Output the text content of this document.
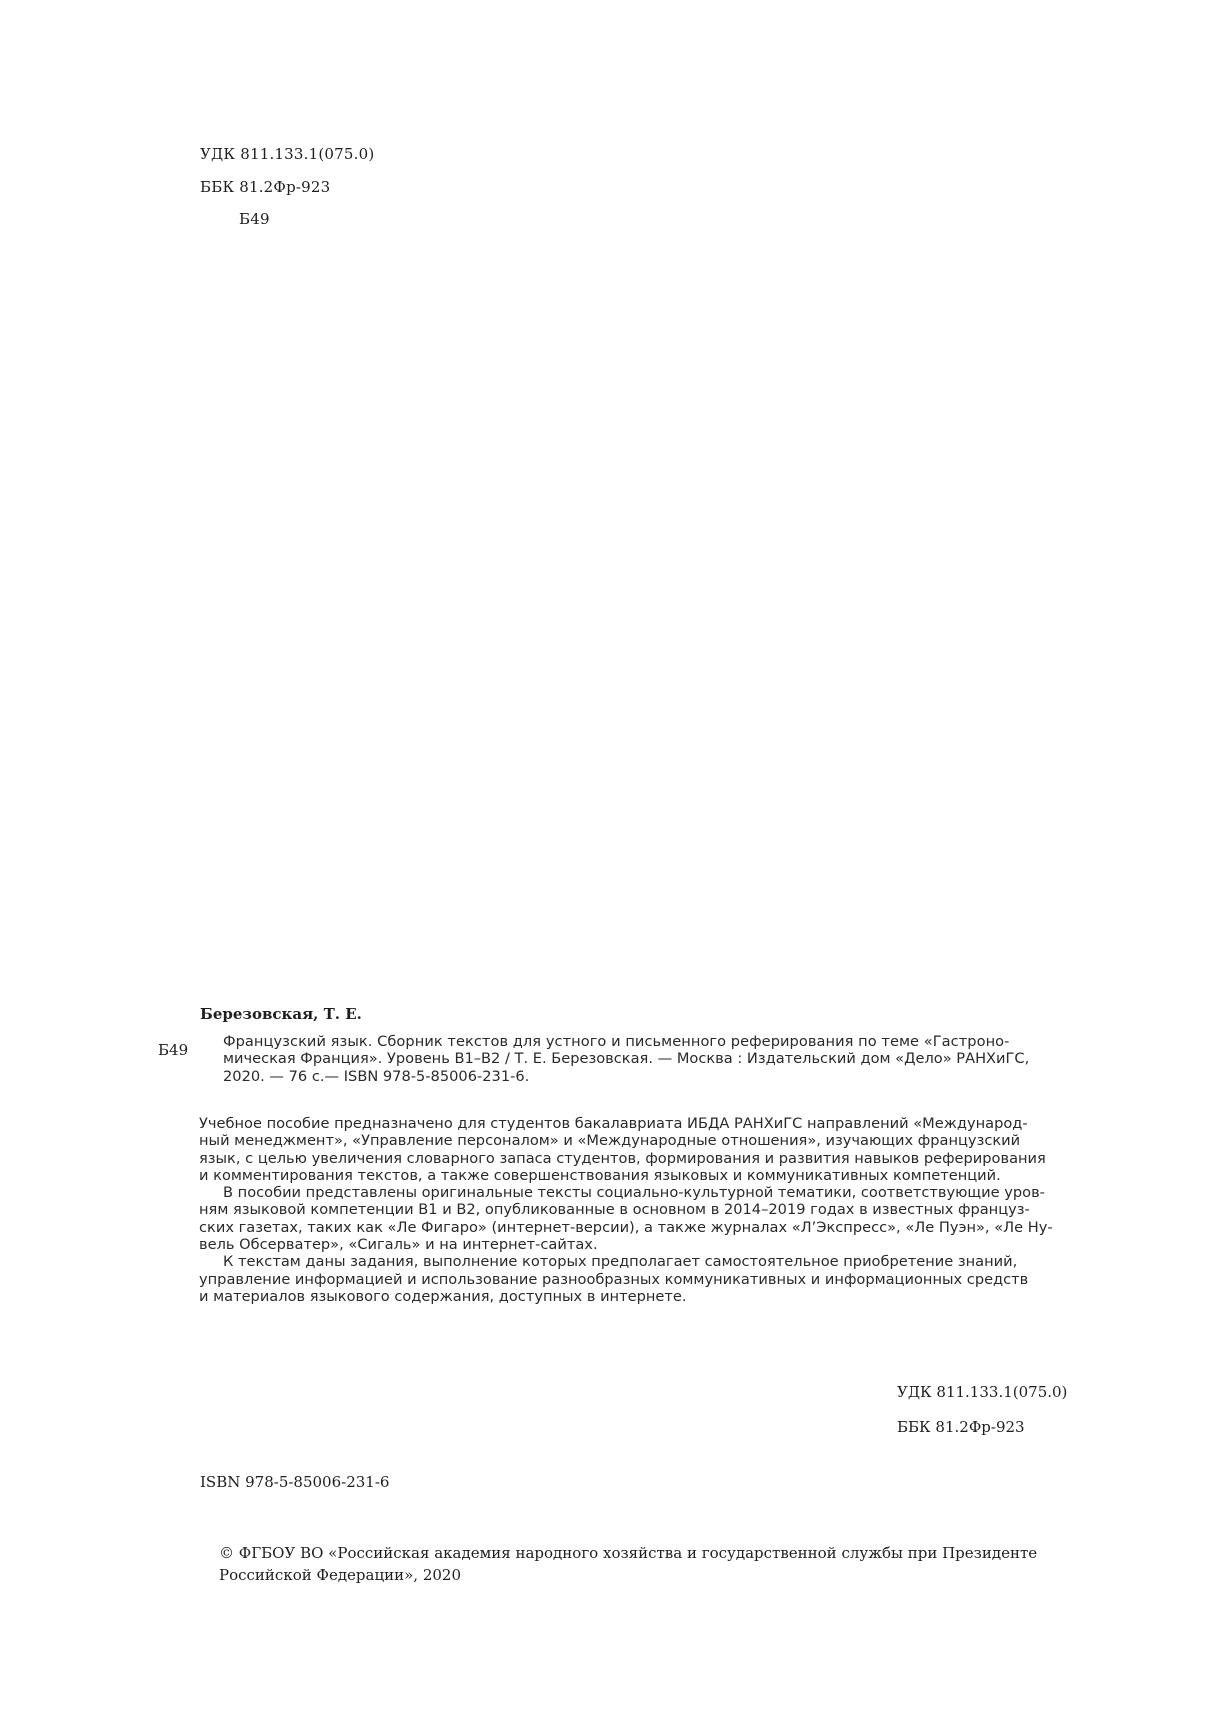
УДК 811.133.1(075.0)
ББК 81.2Фр-923
Б49
Березовская, Т. Е.
Б49 Французский язык. Сборник текстов для устного и письменного реферирования по теме «Гастроно-
мическая Франция». Уровень В1–В2 / Т. Е. Березовская. — Москва : Издательский дом «Дело» РАНХиГС,
2020. — 76 с.— ISBN 978-5-85006-231-6.
Учебное пособие предназначено для студентов бакалавриата ИБДА РАНХиГС направлений «Международ-
ный менеджмент», «Управление персоналом» и «Международные отношения», изучающих французский
язык, с целью увеличения словарного запаса студентов, формирования и развития навыков реферирования
и комментирования текстов, а также совершенствования языковых и коммуникативных компетенций.
В пособии представлены оригинальные тексты социально-культурной тематики, соответствующие уров-
ням языковой компетенции В1 и В2, опубликованные в основном в 2014–2019 годах в известных француз-
ских газетах, таких как «Ле Фигаро» (интернет-версии), а также журналах «Л’Экспресс», «Ле Пуэн», «Ле Ну-
вель Обсерватер», «Сигаль» и на интернет-сайтах.
К текстам даны задания, выполнение которых предполагает самостоятельное приобретение знаний,
управление информацией и использование разнообразных коммуникативных и информационных средств
и материалов языкового содержания, доступных в интернете.
УДК 811.133.1(075.0)
ББК 81.2Фр-923
ISBN 978-5-85006-231-6
© ФГБОУ ВО «Российская академия народного хозяйства и государственной службы при Президенте
Российской Федерации», 2020
